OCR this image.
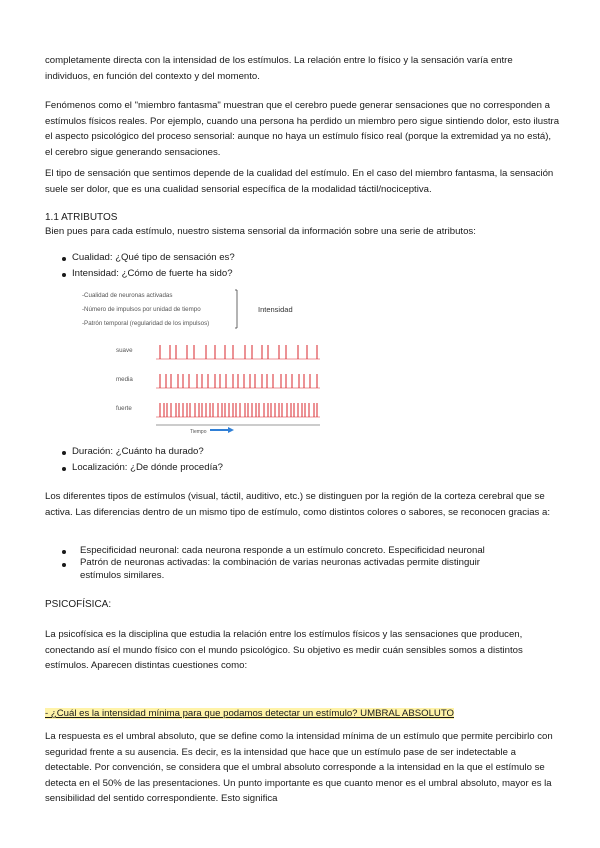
completamente directa con la intensidad de los estímulos. La relación entre lo físico y la sensación varía entre individuos, en función del contexto y del momento.

Fenómenos como el "miembro fantasma" muestran que el cerebro puede generar sensaciones que no corresponden a estímulos físicos reales. Por ejemplo, cuando una persona ha perdido un miembro pero sigue sintiendo dolor, esto ilustra el aspecto psicológico del proceso sensorial: aunque no haya un estímulo físico real (porque la extremidad ya no está), el cerebro sigue generando sensaciones.

El tipo de sensación que sentimos depende de la cualidad del estímulo. En el caso del miembro fantasma, la sensación suele ser dolor, que es una cualidad sensorial específica de la modalidad táctil/nociceptiva.

1.1 ATRIBUTOS

Bien pues para cada estímulo, nuestro sistema sensorial da información sobre una serie de atributos:

Cualidad: ¿Qué tipo de sensación es?
Intensidad: ¿Cómo de fuerte ha sido?
-Cualidad de neuronas activadas
-Número de impulsos por unidad de tiempo
-Patrón temporal (regularidad de los impulsos)
Intensidad
suave
media
fuerte
Tiempo
Duración: ¿Cuánto ha durado?
Localización: ¿De dónde procedía?

Los diferentes tipos de estímulos (visual, táctil, auditivo, etc.) se distinguen por la región de la corteza cerebral que se activa. Las diferencias dentro de un mismo tipo de estímulo, como distintos colores o sabores, se reconocen gracias a:

Especificidad neuronal: cada neurona responde a un estímulo concreto. Especificidad neuronal
Patrón de neuronas activadas: la combinación de varias neuronas activadas permite distinguir estímulos similares.
PSICOFÍSICA:

La psicofísica es la disciplina que estudia la relación entre los estímulos físicos y las sensaciones que producen, conectando así el mundo físico con el mundo psicológico. Su objetivo es medir cuán sensibles somos a distintos estímulos. Aparecen distintas cuestiones como:

- ¿Cuál es la intensidad mínima para que podamos detectar un estímulo? UMBRAL ABSOLUTO

La respuesta es el umbral absoluto, que se define como la intensidad mínima de un estímulo que permite percibirlo con seguridad frente a su ausencia. Es decir, es la intensidad que hace que un estímulo pase de ser indetectable a detectable. Por convención, se considera que el umbral absoluto corresponde a la intensidad en la que el estímulo se detecta en el 50% de las presentaciones. Un punto importante es que cuanto menor es el umbral absoluto, mayor es la sensibilidad del sentido correspondiente. Esto significa
